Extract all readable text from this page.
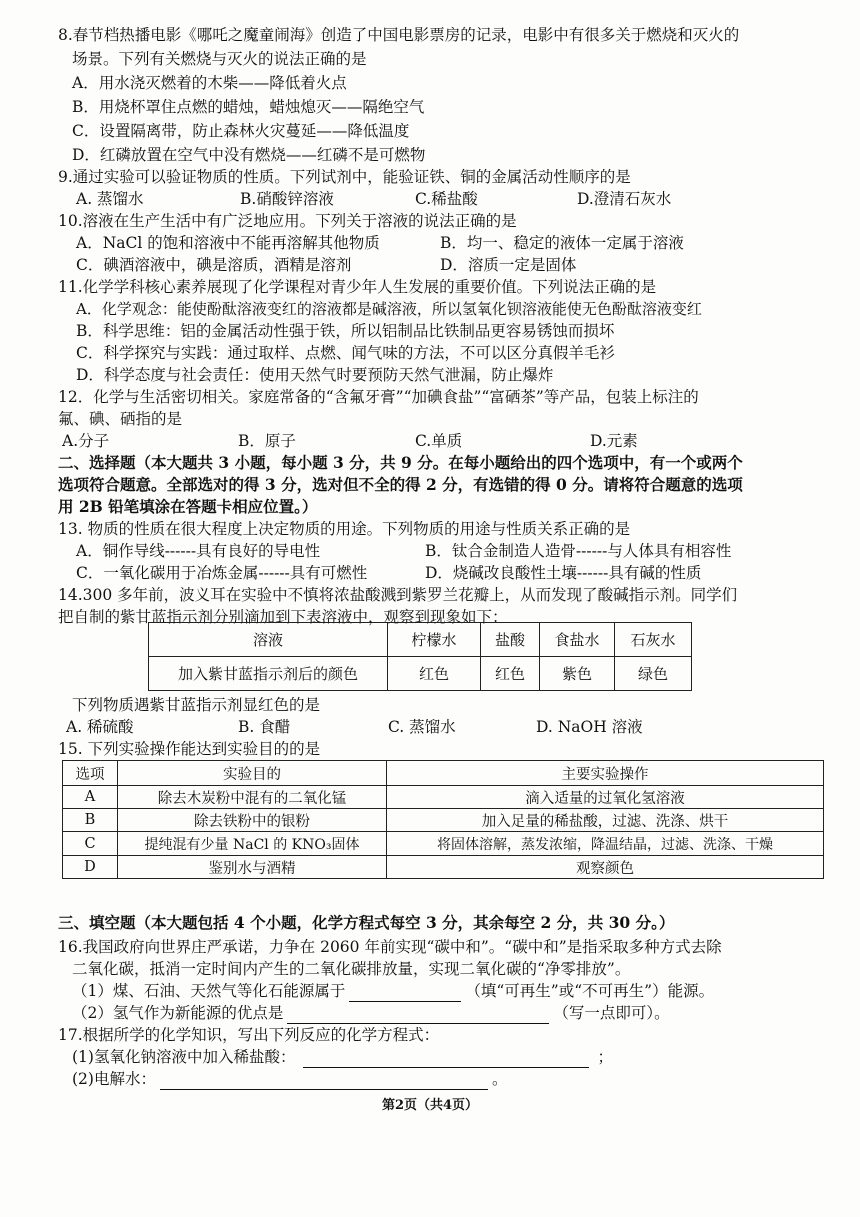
8.春节档热播电影《哪吒之魔童闹海》创造了中国电影票房的记录，电影中有很多关于燃烧和灭火的
场景。下列有关燃烧与灭火的说法正确的是
A．用水浇灭燃着的木柴——降低着火点
B．用烧杯罩住点燃的蜡烛，蜡烛熄灭——隔绝空气
C．设置隔离带，防止森林火灾蔓延——降低温度
D．红磷放置在空气中没有燃烧——红磷不是可燃物
9.通过实验可以验证物质的性质。下列试剂中，能验证铁、铜的金属活动性顺序的是
A. 蒸馏水	B.硝酸锌溶液	C.稀盐酸	D.澄清石灰水
10.溶液在生产生活中有广泛地应用。下列关于溶液的说法正确的是
A．NaCl 的饱和溶液中不能再溶解其他物质	B．均一、稳定的液体一定属于溶液
C．碘酒溶液中，碘是溶质，酒精是溶剂	D．溶质一定是固体
11.化学学科核心素养展现了化学课程对青少年人生发展的重要价值。下列说法正确的是
A．化学观念：能使酚酞溶液变红的溶液都是碱溶液，所以氢氧化钡溶液能使无色酚酞溶液变红
B．科学思维：铝的金属活动性强于铁，所以铝制品比铁制品更容易锈蚀而损坏
C．科学探究与实践：通过取样、点燃、闻气味的方法，不可以区分真假羊毛衫
D．科学态度与社会责任：使用天然气时要预防天然气泄漏，防止爆炸
12．化学与生活密切相关。家庭常备的“含氟牙膏”“加碘食盐”“富硒茶”等产品，包装上标注的
氟、碘、硒指的是
A.分子	B．原子	C.单质	D.元素
二、选择题（本大题共 3 小题，每小题 3 分，共 9 分。在每小题给出的四个选项中，有一个或两个
选项符合题意。全部选对的得 3 分，选对但不全的得 2 分，有选错的得 0 分。请将符合题意的选项
用 2B 铅笔填涂在答题卡相应位置。）
13. 物质的性质在很大程度上决定物质的用途。下列物质的用途与性质关系正确的是
A．铜作导线------具有良好的导电性	B．钛合金制造人造骨------与人体具有相容性
C．一氧化碳用于冶炼金属------具有可燃性	D．烧碱改良酸性土壤------具有碱的性质
14.300 多年前，波义耳在实验中不慎将浓盐酸溅到紫罗兰花瓣上，从而发现了酸碱指示剂。同学们
把自制的紫甘蓝指示剂分别滴加到下表溶液中，观察到现象如下：
溶液	柠檬水	盐酸	食盐水	石灰水
加入紫甘蓝指示剂后的颜色	红色	红色	紫色	绿色
下列物质遇紫甘蓝指示剂显红色的是
A. 稀硫酸	B. 食醋	C. 蒸馏水	D. NaOH 溶液
15. 下列实验操作能达到实验目的的是
选项	实验目的	主要实验操作
A	除去木炭粉中混有的二氧化锰	滴入适量的过氧化氢溶液
B	除去铁粉中的银粉	加入足量的稀盐酸，过滤、洗涤、烘干
C	提纯混有少量 NaCl 的 KNO₃固体	将固体溶解，蒸发浓缩，降温结晶，过滤、洗涤、干燥
D	鉴别水与酒精	观察颜色
三、填空题（本大题包括 4 个小题，化学方程式每空 3 分，其余每空 2 分，共 30 分。）
16.我国政府向世界庄严承诺，力争在 2060 年前实现“碳中和”。“碳中和”是指采取多种方式去除
二氧化碳，抵消一定时间内产生的二氧化碳排放量，实现二氧化碳的“净零排放”。
（1）煤、石油、天然气等化石能源属于	（填“可再生”或“不可再生”）能源。
（2）氢气作为新能源的优点是	（写一点即可）。
17.根据所学的化学知识，写出下列反应的化学方程式：
(1)氢氧化钠溶液中加入稀盐酸：	；
(2)电解水：	。
第2页（共4页）
